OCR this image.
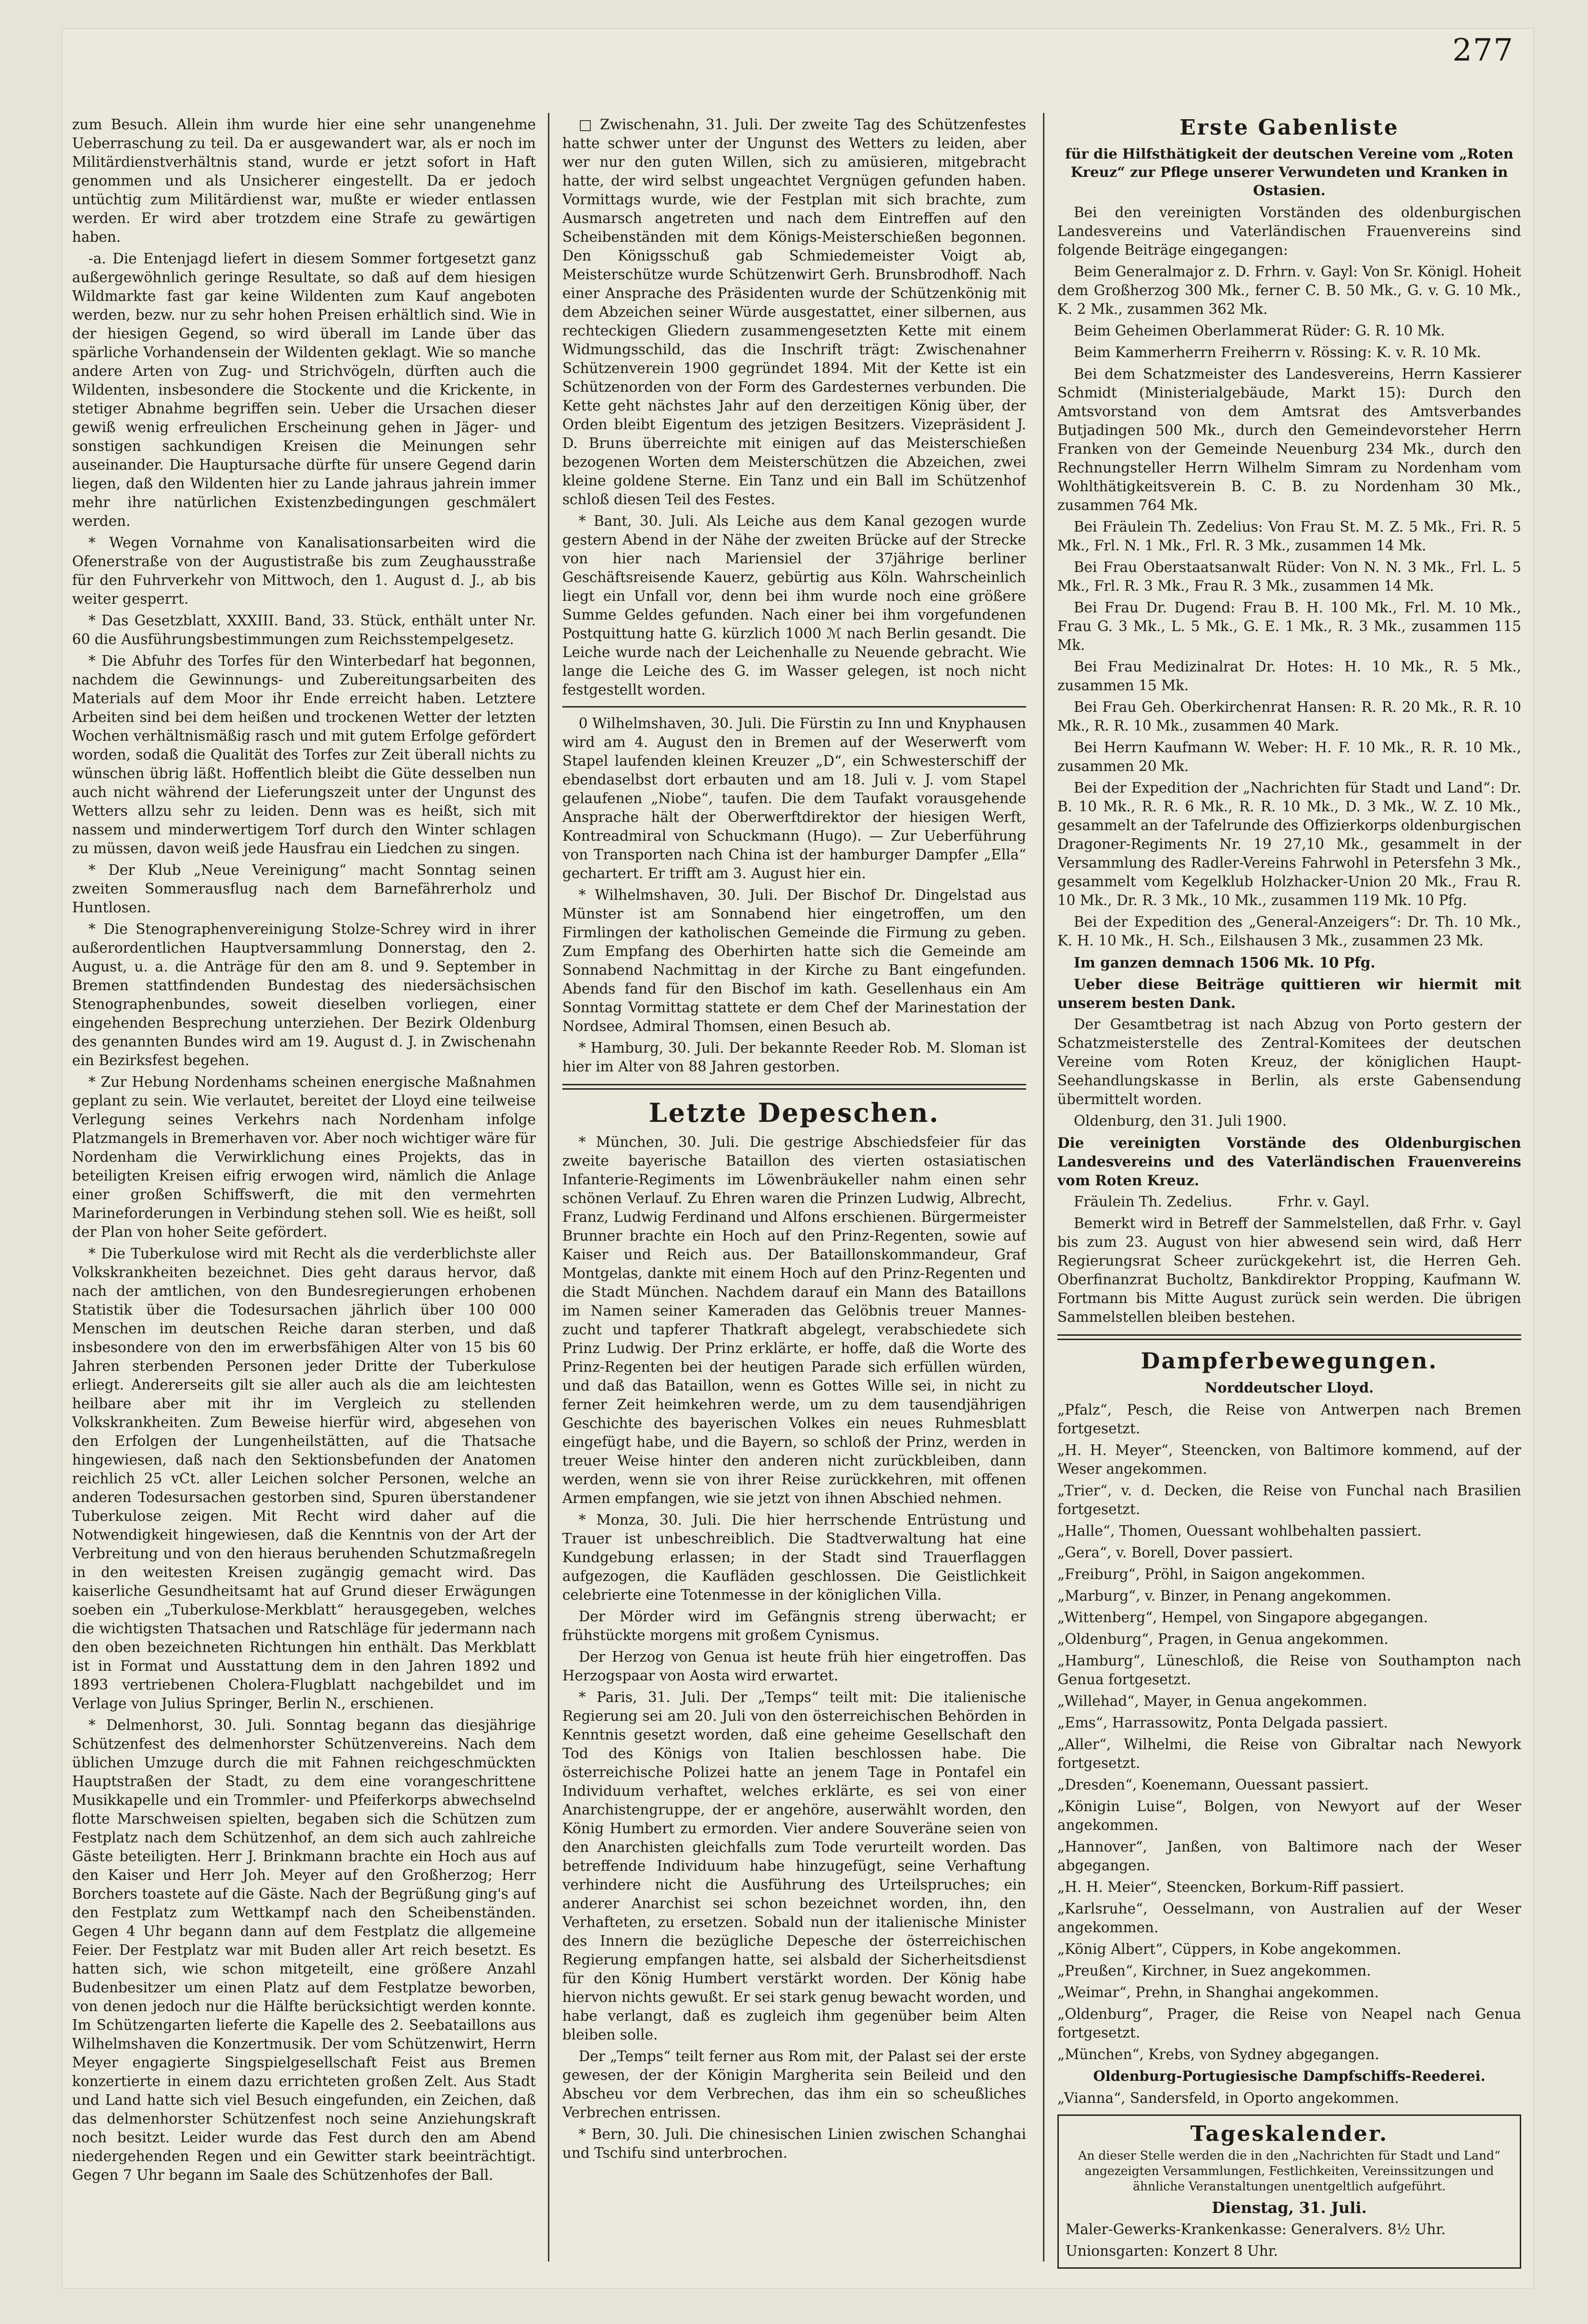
277

zum Besuch. Allein ihm wurde hier eine sehr unangenehme Ueberraschung zu teil. Da er ausgewandert war, als er noch im Militärdienstverhältnis stand, wurde er jetzt sofort in Haft genommen und als Unsicherer eingestellt. Da er jedoch untüchtig zum Militärdienst war, mußte er wieder entlassen werden. Er wird aber trotzdem eine Strafe zu gewärtigen haben.

-a. Die Entenjagd liefert in diesem Sommer fortgesetzt ganz außergewöhnlich geringe Resultate, so daß auf dem hiesigen Wildmarkte fast gar keine Wildenten zum Kauf angeboten werden, bezw. nur zu sehr hohen Preisen erhältlich sind. Wie in der hiesigen Gegend, so wird überall im Lande über das spärliche Vorhandensein der Wildenten geklagt. Wie so manche andere Arten von Zug- und Strichvögeln, dürften auch die Wildenten, insbesondere die Stockente und die Krickente, in stetiger Abnahme begriffen sein. Ueber die Ursachen dieser gewiß wenig erfreulichen Erscheinung gehen in Jäger- und sonstigen sachkundigen Kreisen die Meinungen sehr auseinander. Die Hauptursache dürfte für unsere Gegend darin liegen, daß den Wildenten hier zu Lande jahraus jahrein immer mehr ihre natürlichen Existenzbedingungen geschmälert werden.

* Wegen Vornahme von Kanalisationsarbeiten wird die Ofenerstraße von der Augustistraße bis zum Zeughausstraße für den Fuhrverkehr von Mittwoch, den 1. August d. J., ab bis weiter gesperrt.

* Das Gesetzblatt, XXXIII. Band, 33. Stück, enthält unter Nr. 60 die Ausführungsbestimmungen zum Reichsstempelgesetz.

* Die Abfuhr des Torfes für den Winterbedarf hat begonnen, nachdem die Gewinnungs- und Zubereitungsarbeiten des Materials auf dem Moor ihr Ende erreicht haben. Letztere Arbeiten sind bei dem heißen und trockenen Wetter der letzten Wochen verhältnismäßig rasch und mit gutem Erfolge gefördert worden, sodaß die Qualität des Torfes zur Zeit überall nichts zu wünschen übrig läßt. Hoffentlich bleibt die Güte desselben nun auch nicht während der Lieferungszeit unter der Ungunst des Wetters allzu sehr zu leiden. Denn was es heißt, sich mit nassem und minderwertigem Torf durch den Winter schlagen zu müssen, davon weiß jede Hausfrau ein Liedchen zu singen.

* Der Klub „Neue Vereinigung“ macht Sonntag seinen zweiten Sommerausflug nach dem Barnefährerholz und Huntlosen.

* Die Stenographenvereinigung Stolze-Schrey wird in ihrer außerordentlichen Hauptversammlung Donnerstag, den 2. August, u. a. die Anträge für den am 8. und 9. September in Bremen stattfindenden Bundestag des niedersächsischen Stenographenbundes, soweit dieselben vorliegen, einer eingehenden Besprechung unterziehen. Der Bezirk Oldenburg des genannten Bundes wird am 19. August d. J. in Zwischenahn ein Bezirksfest begehen.

* Zur Hebung Nordenhams scheinen energische Maßnahmen geplant zu sein. Wie verlautet, bereitet der Lloyd eine teilweise Verlegung seines Verkehrs nach Nordenham infolge Platzmangels in Bremerhaven vor. Aber noch wichtiger wäre für Nordenham die Verwirklichung eines Projekts, das in beteiligten Kreisen eifrig erwogen wird, nämlich die Anlage einer großen Schiffswerft, die mit den vermehrten Marineforderungen in Verbindung stehen soll. Wie es heißt, soll der Plan von hoher Seite gefördert.

* Die Tuberkulose wird mit Recht als die verderblichste aller Volkskrankheiten bezeichnet. Dies geht daraus hervor, daß nach der amtlichen, von den Bundesregierungen erhobenen Statistik über die Todesursachen jährlich über 100 000 Menschen im deutschen Reiche daran sterben, und daß insbesondere von den im erwerbsfähigen Alter von 15 bis 60 Jahren sterbenden Personen jeder Dritte der Tuberkulose erliegt. Andererseits gilt sie aller auch als die am leichtesten heilbare aber mit ihr im Vergleich zu stellenden Volkskrankheiten. Zum Beweise hierfür wird, abgesehen von den Erfolgen der Lungenheilstätten, auf die Thatsache hingewiesen, daß nach den Sektionsbefunden der Anatomen reichlich 25 vCt. aller Leichen solcher Personen, welche an anderen Todesursachen gestorben sind, Spuren überstandener Tuberkulose zeigen. Mit Recht wird daher auf die Notwendigkeit hingewiesen, daß die Kenntnis von der Art der Verbreitung und von den hieraus beruhenden Schutzmaßregeln in den weitesten Kreisen zugängig gemacht wird. Das kaiserliche Gesundheitsamt hat auf Grund dieser Erwägungen soeben ein „Tuberkulose-Merkblatt“ herausgegeben, welches die wichtigsten Thatsachen und Ratschläge für jedermann nach den oben bezeichneten Richtungen hin enthält. Das Merkblatt ist in Format und Ausstattung dem in den Jahren 1892 und 1893 vertriebenen Cholera-Flugblatt nachgebildet und im Verlage von Julius Springer, Berlin N., erschienen.

* Delmenhorst, 30. Juli. Sonntag begann das diesjährige Schützenfest des delmenhorster Schützenvereins. Nach dem üblichen Umzuge durch die mit Fahnen reichgeschmückten Hauptstraßen der Stadt, zu dem eine vorangeschrittene Musikkapelle und ein Trommler- und Pfeiferkorps abwechselnd flotte Marschweisen spielten, begaben sich die Schützen zum Festplatz nach dem Schützenhof, an dem sich auch zahlreiche Gäste beteiligten. Herr J. Brinkmann brachte ein Hoch aus auf den Kaiser und Herr Joh. Meyer auf den Großherzog; Herr Borchers toastete auf die Gäste. Nach der Begrüßung ging's auf den Festplatz zum Wettkampf nach den Scheibenständen. Gegen 4 Uhr begann dann auf dem Festplatz die allgemeine Feier. Der Festplatz war mit Buden aller Art reich besetzt. Es hatten sich, wie schon mitgeteilt, eine größere Anzahl Budenbesitzer um einen Platz auf dem Festplatze beworben, von denen jedoch nur die Hälfte berücksichtigt werden konnte. Im Schützengarten lieferte die Kapelle des 2. Seebataillons aus Wilhelmshaven die Konzertmusik. Der vom Schützenwirt, Herrn Meyer engagierte Singspielgesellschaft Feist aus Bremen konzertierte in einem dazu errichteten großen Zelt. Aus Stadt und Land hatte sich viel Besuch eingefunden, ein Zeichen, daß das delmenhorster Schützenfest noch seine Anziehungskraft noch besitzt. Leider wurde das Fest durch den am Abend niedergehenden Regen und ein Gewitter stark beeinträchtigt. Gegen 7 Uhr begann im Saale des Schützenhofes der Ball.

□ Zwischenahn, 31. Juli. Der zweite Tag des Schützenfestes hatte schwer unter der Ungunst des Wetters zu leiden, aber wer nur den guten Willen, sich zu amüsieren, mitgebracht hatte, der wird selbst ungeachtet Vergnügen gefunden haben. Vormittags wurde, wie der Festplan mit sich brachte, zum Ausmarsch angetreten und nach dem Eintreffen auf den Scheibenständen mit dem Königs-Meisterschießen begonnen. Den Königsschuß gab Schmiedemeister Voigt ab, Meisterschütze wurde Schützenwirt Gerh. Brunsbrodhoff. Nach einer Ansprache des Präsidenten wurde der Schützenkönig mit dem Abzeichen seiner Würde ausgestattet, einer silbernen, aus rechteckigen Gliedern zusammengesetzten Kette mit einem Widmungsschild, das die Inschrift trägt: Zwischenahner Schützenverein 1900 gegründet 1894. Mit der Kette ist ein Schützenorden von der Form des Gardesternes verbunden. Die Kette geht nächstes Jahr auf den derzeitigen König über, der Orden bleibt Eigentum des jetzigen Besitzers. Vizepräsident J. D. Bruns überreichte mit einigen auf das Meisterschießen bezogenen Worten dem Meisterschützen die Abzeichen, zwei kleine goldene Sterne. Ein Tanz und ein Ball im Schützenhof schloß diesen Teil des Festes.

* Bant, 30. Juli. Als Leiche aus dem Kanal gezogen wurde gestern Abend in der Nähe der zweiten Brücke auf der Strecke von hier nach Mariensiel der 37jährige berliner Geschäftsreisende Kauerz, gebürtig aus Köln. Wahrscheinlich liegt ein Unfall vor, denn bei ihm wurde noch eine größere Summe Geldes gefunden. Nach einer bei ihm vorgefundenen Postquittung hatte G. kürzlich 1000 ℳ nach Berlin gesandt. Die Leiche wurde nach der Leichenhalle zu Neuende gebracht. Wie lange die Leiche des G. im Wasser gelegen, ist noch nicht festgestellt worden.

0 Wilhelmshaven, 30. Juli. Die Fürstin zu Inn und Knyphausen wird am 4. August den in Bremen auf der Weserwerft vom Stapel laufenden kleinen Kreuzer „D“, ein Schwesterschiff der ebendaselbst dort erbauten und am 18. Juli v. J. vom Stapel gelaufenen „Niobe“, taufen. Die dem Taufakt vorausgehende Ansprache hält der Oberwerftdirektor der hiesigen Werft, Kontreadmiral von Schuckmann (Hugo). — Zur Ueberführung von Transporten nach China ist der hamburger Dampfer „Ella“ gechartert. Er trifft am 3. August hier ein.

* Wilhelmshaven, 30. Juli. Der Bischof Dr. Dingelstad aus Münster ist am Sonnabend hier eingetroffen, um den Firmlingen der katholischen Gemeinde die Firmung zu geben. Zum Empfang des Oberhirten hatte sich die Gemeinde am Sonnabend Nachmittag in der Kirche zu Bant eingefunden. Abends fand für den Bischof im kath. Gesellenhaus ein Am Sonntag Vormittag stattete er dem Chef der Marinestation der Nordsee, Admiral Thomsen, einen Besuch ab.

* Hamburg, 30. Juli. Der bekannte Reeder Rob. M. Sloman ist hier im Alter von 88 Jahren gestorben.

Letzte Depeschen.

* München, 30. Juli. Die gestrige Abschiedsfeier für das zweite bayerische Bataillon des vierten ostasiatischen Infanterie-Regiments im Löwenbräukeller nahm einen sehr schönen Verlauf. Zu Ehren waren die Prinzen Ludwig, Albrecht, Franz, Ludwig Ferdinand und Alfons erschienen. Bürgermeister Brunner brachte ein Hoch auf den Prinz-Regenten, sowie auf Kaiser und Reich aus. Der Bataillonskommandeur, Graf Montgelas, dankte mit einem Hoch auf den Prinz-Regenten und die Stadt München. Nachdem darauf ein Mann des Bataillons im Namen seiner Kameraden das Gelöbnis treuer Mannes- zucht und tapferer Thatkraft abgelegt, verabschiedete sich Prinz Ludwig. Der Prinz erklärte, er hoffe, daß die Worte des Prinz-Regenten bei der heutigen Parade sich erfüllen würden, und daß das Bataillon, wenn es Gottes Wille sei, in nicht zu ferner Zeit heimkehren werde, um zu dem tausendjährigen Geschichte des bayerischen Volkes ein neues Ruhmesblatt eingefügt habe, und die Bayern, so schloß der Prinz, werden in treuer Weise hinter den anderen nicht zurückbleiben, dann werden, wenn sie von ihrer Reise zurückkehren, mit offenen Armen empfangen, wie sie jetzt von ihnen Abschied nehmen.

* Monza, 30. Juli. Die hier herrschende Entrüstung und Trauer ist unbeschreiblich. Die Stadtverwaltung hat eine Kundgebung erlassen; in der Stadt sind Trauerflaggen aufgezogen, die Kaufläden geschlossen. Die Geistlichkeit celebrierte eine Totenmesse in der königlichen Villa.

Der Mörder wird im Gefängnis streng überwacht; er frühstückte morgens mit großem Cynismus.

Der Herzog von Genua ist heute früh hier eingetroffen. Das Herzogspaar von Aosta wird erwartet.

* Paris, 31. Juli. Der „Temps“ teilt mit: Die italienische Regierung sei am 20. Juli von den österreichischen Behörden in Kenntnis gesetzt worden, daß eine geheime Gesellschaft den Tod des Königs von Italien beschlossen habe. Die österreichische Polizei hatte an jenem Tage in Pontafel ein Individuum verhaftet, welches erklärte, es sei von einer Anarchistengruppe, der er angehöre, auserwählt worden, den König Humbert zu ermorden. Vier andere Souveräne seien von den Anarchisten gleichfalls zum Tode verurteilt worden. Das betreffende Individuum habe hinzugefügt, seine Verhaftung verhindere nicht die Ausführung des Urteilspruches; ein anderer Anarchist sei schon bezeichnet worden, ihn, den Verhafteten, zu ersetzen. Sobald nun der italienische Minister des Innern die bezügliche Depesche der österreichischen Regierung empfangen hatte, sei alsbald der Sicherheitsdienst für den König Humbert verstärkt worden. Der König habe hiervon nichts gewußt. Er sei stark genug bewacht worden, und habe verlangt, daß es zugleich ihm gegenüber beim Alten bleiben solle.

Der „Temps“ teilt ferner aus Rom mit, der Palast sei der erste gewesen, der der Königin Margherita sein Beileid und den Abscheu vor dem Verbrechen, das ihm ein so scheußliches Verbrechen entrissen.

* Bern, 30. Juli. Die chinesischen Linien zwischen Schanghai und Tschifu sind unterbrochen.

Erste Gabenliste
für die Hilfsthätigkeit der deutschen Vereine vom „Roten Kreuz“ zur Pflege unserer Verwundeten und Kranken in Ostasien.

Bei den vereinigten Vorständen des oldenburgischen Landesvereins und Vaterländischen Frauenvereins sind folgende Beiträge eingegangen:

Beim Generalmajor z. D. Frhrn. v. Gayl: Von Sr. Königl. Hoheit dem Großherzog 300 Mk., ferner C. B. 50 Mk., G. v. G. 10 Mk., K. 2 Mk., zusammen 362 Mk.

Beim Geheimen Oberlammerat Rüder: G. R. 10 Mk.

Beim Kammerherrn Freiherrn v. Rössing: K. v. R. 10 Mk.

Bei dem Schatzmeister des Landesvereins, Herrn Kassierer Schmidt (Ministerialgebäude, Markt 15): Durch den Amtsvorstand von dem Amtsrat des Amtsverbandes Butjadingen 500 Mk., durch den Gemeindevorsteher Herrn Franken von der Gemeinde Neuenburg 234 Mk., durch den Rechnungsteller Herrn Wilhelm Simram zu Nordenham vom Wohlthätigkeitsverein B. C. B. zu Nordenham 30 Mk., zusammen 764 Mk.

Bei Fräulein Th. Zedelius: Von Frau St. M. Z. 5 Mk., Fri. R. 5 Mk., Frl. N. 1 Mk., Frl. R. 3 Mk., zusammen 14 Mk.

Bei Frau Oberstaatsanwalt Rüder: Von N. N. 3 Mk., Frl. L. 5 Mk., Frl. R. 3 Mk., Frau R. 3 Mk., zusammen 14 Mk.

Bei Frau Dr. Dugend: Frau B. H. 100 Mk., Frl. M. 10 Mk., Frau G. 3 Mk., L. 5 Mk., G. E. 1 Mk., R. 3 Mk., zusammen 115 Mk.

Bei Frau Medizinalrat Dr. Hotes: H. 10 Mk., R. 5 Mk., zusammen 15 Mk.

Bei Frau Geh. Oberkirchenrat Hansen: R. R. 20 Mk., R. R. 10 Mk., R. R. 10 Mk., zusammen 40 Mark.

Bei Herrn Kaufmann W. Weber: H. F. 10 Mk., R. R. 10 Mk., zusammen 20 Mk.

Bei der Expedition der „Nachrichten für Stadt und Land“: Dr. B. 10 Mk., R. R. 6 Mk., R. R. 10 Mk., D. 3 Mk., W. Z. 10 Mk., gesammelt an der Tafelrunde des Offizierkorps oldenburgischen Dragoner-Regiments Nr. 19 27,10 Mk., gesammelt in der Versammlung des Radler-Vereins Fahrwohl in Petersfehn 3 Mk., gesammelt vom Kegelklub Holzhacker-Union 20 Mk., Frau R. 10 Mk., Dr. R. 3 Mk., 10 Mk., zusammen 119 Mk. 10 Pfg.

Bei der Expedition des „General-Anzeigers“: Dr. Th. 10 Mk., K. H. 10 Mk., H. Sch., Eilshausen 3 Mk., zusammen 23 Mk.

Im ganzen demnach 1506 Mk. 10 Pfg.

Ueber diese Beiträge quittieren wir hiermit mit unserem besten Dank.

Der Gesamtbetrag ist nach Abzug von Porto gestern der Schatzmeisterstelle des Zentral-Komitees der deutschen Vereine vom Roten Kreuz, der königlichen Haupt-Seehandlungskasse in Berlin, als erste Gabensendung übermittelt worden.

Oldenburg, den 31. Juli 1900.

Die vereinigten Vorstände des Oldenburgischen Landesvereins und des Vaterländischen Frauenvereins vom Roten Kreuz.

Fräulein Th. Zedelius.          Frhr. v. Gayl.

Bemerkt wird in Betreff der Sammelstellen, daß Frhr. v. Gayl bis zum 23. August von hier abwesend sein wird, daß Herr Regierungsrat Scheer zurückgekehrt ist, die Herren Geh. Oberfinanzrat Bucholtz, Bankdirektor Propping, Kaufmann W. Fortmann bis Mitte August zurück sein werden. Die übrigen Sammelstellen bleiben bestehen.

Dampferbewegungen.
Norddeutscher Lloyd.

„Pfalz“, Pesch, die Reise von Antwerpen nach Bremen fortgesetzt.

„H. H. Meyer“, Steencken, von Baltimore kommend, auf der Weser angekommen.

„Trier“, v. d. Decken, die Reise von Funchal nach Brasilien fortgesetzt.

„Halle“, Thomen, Ouessant wohlbehalten passiert.

„Gera“, v. Borell, Dover passiert.

„Freiburg“, Pröhl, in Saigon angekommen.

„Marburg“, v. Binzer, in Penang angekommen.

„Wittenberg“, Hempel, von Singapore abgegangen.

„Oldenburg“, Pragen, in Genua angekommen.

„Hamburg“, Lüneschloß, die Reise von Southampton nach Genua fortgesetzt.

„Willehad“, Mayer, in Genua angekommen.

„Ems“, Harrassowitz, Ponta Delgada passiert.

„Aller“, Wilhelmi, die Reise von Gibraltar nach Newyork fortgesetzt.

„Dresden“, Koenemann, Ouessant passiert.

„Königin Luise“, Bolgen, von Newyort auf der Weser angekommen.

„Hannover“, Janßen, von Baltimore nach der Weser abgegangen.

„H. H. Meier“, Steencken, Borkum-Riff passiert.

„Karlsruhe“, Oesselmann, von Australien auf der Weser angekommen.

„König Albert“, Cüppers, in Kobe angekommen.

„Preußen“, Kirchner, in Suez angekommen.

„Weimar“, Prehn, in Shanghai angekommen.

„Oldenburg“, Prager, die Reise von Neapel nach Genua fortgesetzt.

„München“, Krebs, von Sydney abgegangen.

Oldenburg-Portugiesische Dampfschiffs-Reederei.

„Vianna“, Sandersfeld, in Oporto angekommen.

Tageskalender.
An dieser Stelle werden die in den „Nachrichten für Stadt und Land“ angezeigten Versammlungen, Festlichkeiten, Vereinssitzungen und ähnliche Veranstaltungen unentgeltlich aufgeführt.
Dienstag, 31. Juli.

Maler-Gewerks-Krankenkasse: Generalvers. 8½ Uhr.

Unionsgarten: Konzert 8 Uhr.
